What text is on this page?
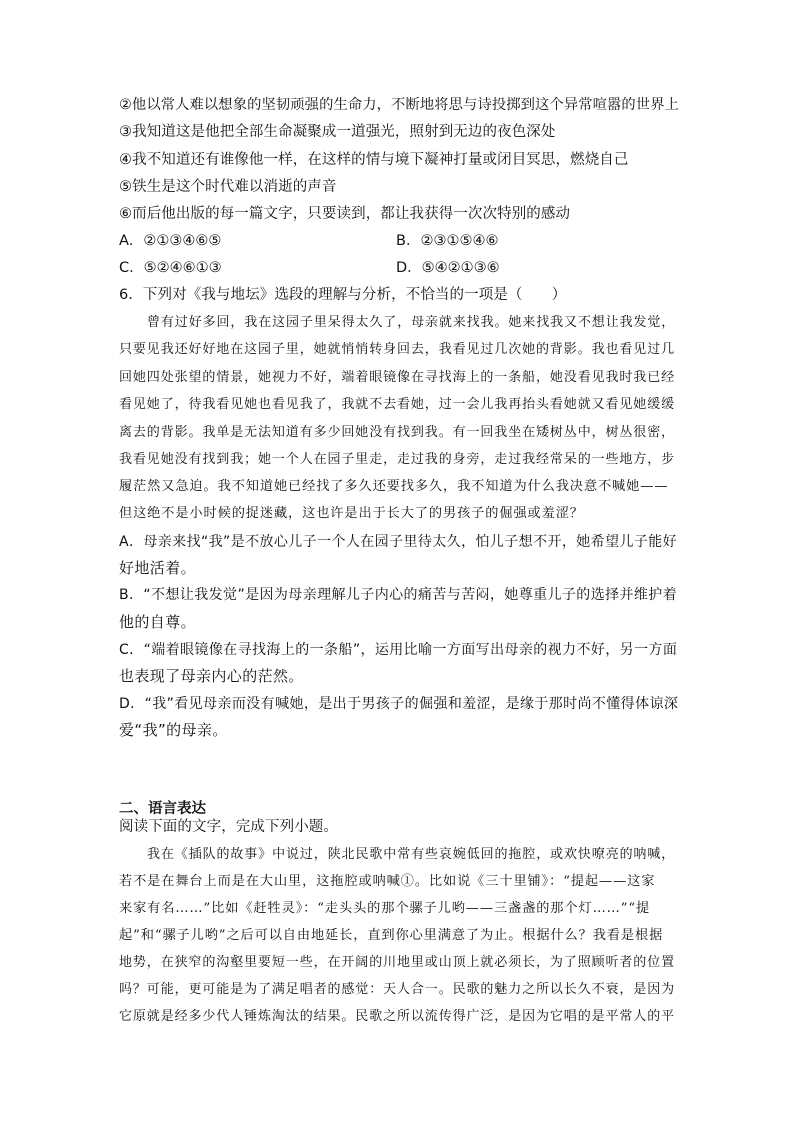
②他以常人难以想象的坚韧顽强的生命力，不断地将思与诗投掷到这个异常喧嚣的世界上
③我知道这是他把全部生命凝聚成一道强光，照射到无边的夜色深处
④我不知道还有谁像他一样，在这样的情与境下凝神打量或闭目冥思，燃烧自己
⑤铁生是这个时代难以消逝的声音
⑥而后他出版的每一篇文字，只要读到，都让我获得一次次特别的感动
A．②①③④⑥⑤	B．②③①⑤④⑥
C．⑤②④⑥①③	D．⑤④②①③⑥
6．下列对《我与地坛》选段的理解与分析，不恰当的一项是（　　）
曾有过好多回，我在这园子里呆得太久了，母亲就来找我。她来找我又不想让我发觉，
只要见我还好好地在这园子里，她就悄悄转身回去，我看见过几次她的背影。我也看见过几
回她四处张望的情景，她视力不好，端着眼镜像在寻找海上的一条船，她没看见我时我已经
看见她了，待我看见她也看见我了，我就不去看她，过一会儿我再抬头看她就又看见她缓缓
离去的背影。我单是无法知道有多少回她没有找到我。有一回我坐在矮树丛中，树丛很密，
我看见她没有找到我；她一个人在园子里走，走过我的身旁，走过我经常呆的一些地方，步
履茫然又急迫。我不知道她已经找了多久还要找多久，我不知道为什么我决意不喊她——
但这绝不是小时候的捉迷藏，这也许是出于长大了的男孩子的倔强或羞涩？
A．母亲来找“我”是不放心儿子一个人在园子里待太久，怕儿子想不开，她希望儿子能好
好地活着。
B．“不想让我发觉”是因为母亲理解儿子内心的痛苦与苦闷，她尊重儿子的选择并维护着
他的自尊。
C．“端着眼镜像在寻找海上的一条船”，运用比喻一方面写出母亲的视力不好，另一方面
也表现了母亲内心的茫然。
D．“我”看见母亲而没有喊她，是出于男孩子的倔强和羞涩，是缘于那时尚不懂得体谅深
爱“我”的母亲。
二、语言表达
阅读下面的文字，完成下列小题。
我在《插队的故事》中说过，陕北民歌中常有些哀婉低回的拖腔，或欢快嘹亮的呐喊，
若不是在舞台上而是在大山里，这拖腔或呐喊①。比如说《三十里铺》：“提起——这家
来家有名……”比如《赶牲灵》：“走头头的那个骡子儿哟——三盏盏的那个灯……”“提
起”和“骡子儿哟”之后可以自由地延长，直到你心里满意了为止。根据什么？我看是根据
地势，在狭窄的沟壑里要短一些，在开阔的川地里或山顶上就必须长，为了照顾听者的位置
吗？可能，更可能是为了满足唱者的感觉：天人合一。民歌的魅力之所以长久不衰，是因为
它原就是经多少代人锤炼淘汰的结果。民歌之所以流传得广泛，是因为它唱的是平常人的平
